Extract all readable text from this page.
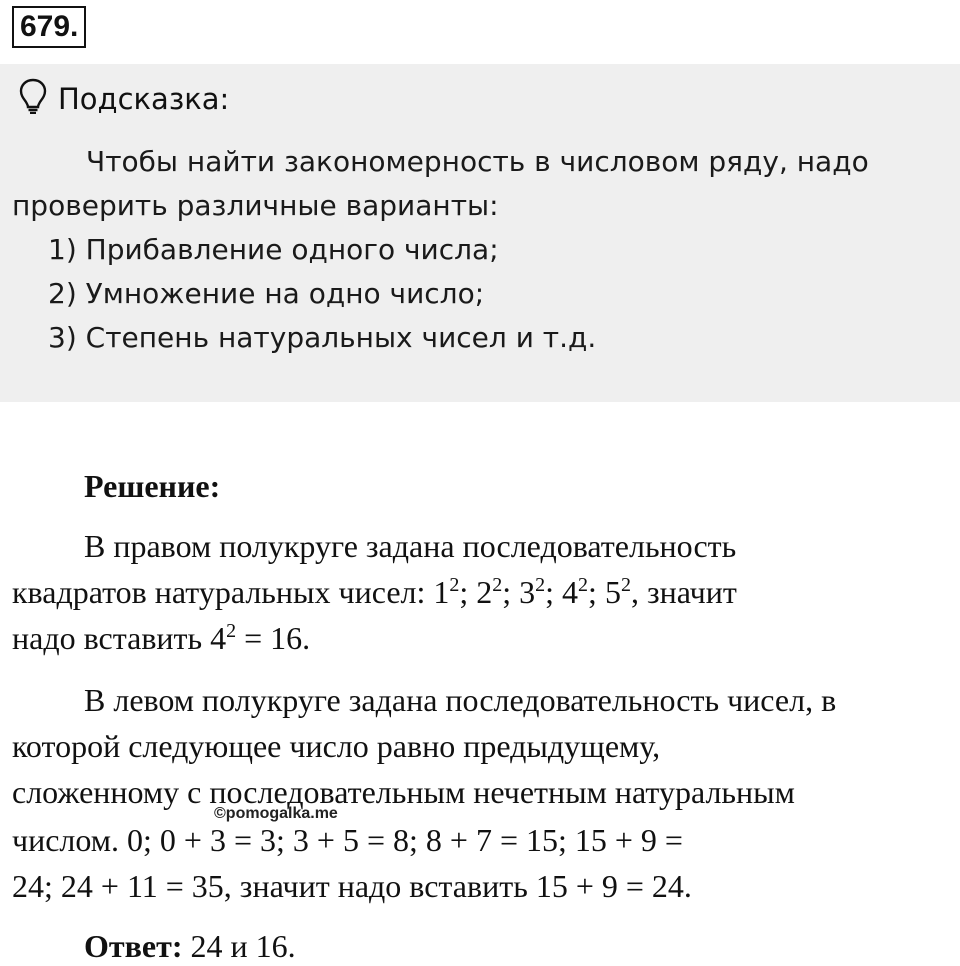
679.
Подсказка:
Чтобы найти закономерность в числовом ряду, надо
проверить различные варианты:
1) Прибавление одного числа;
2) Умножение на одно число;
3) Степень натуральных чисел и т.д.
Решение:
В правом полукруге задана последовательность
квадратов натуральных чисел: $1^2$; $2^2$; $3^2$; $4^2$; $5^2$, значит
надо вставить $4^2 = 16$.
В левом полукруге задана последовательность чисел, в
которой следующее число равно предыдущему,
сложенному с последовательным нечетным натуральным
числом. 0; 0 + 3 = 3; 3 + 5 = 8; 8 + 7 = 15; 15 + 9 =
24; 24 + 11 = 35, значит надо вставить 15 + 9 = 24.
Ответ: 24 и 16.
©pomogalka.me
